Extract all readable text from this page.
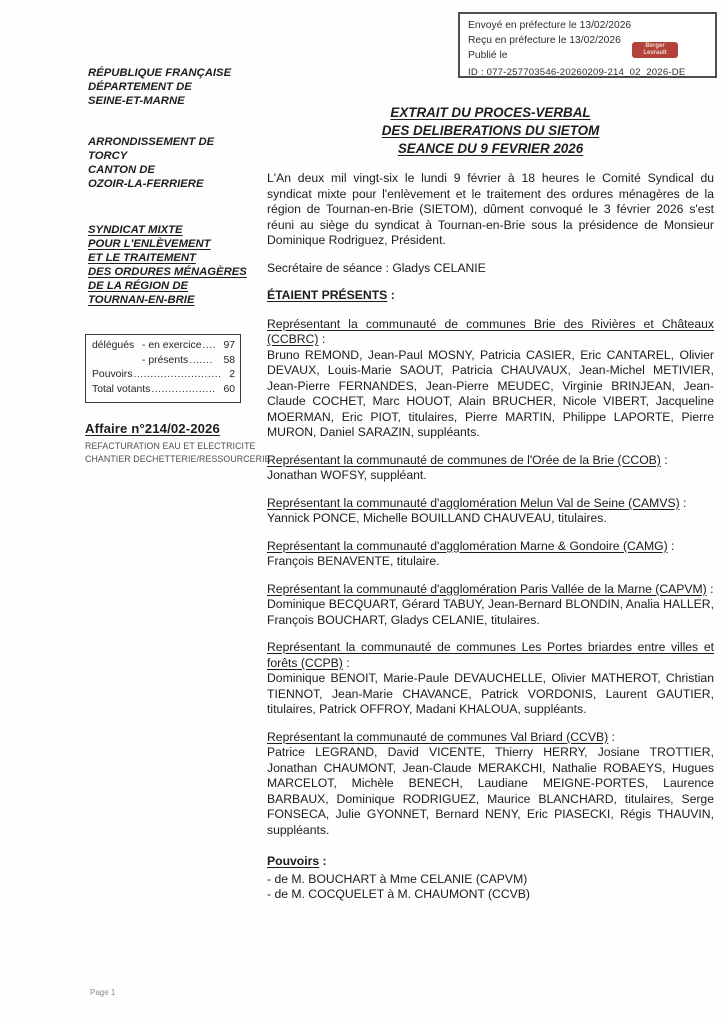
Envoyé en préfecture le 13/02/2026
Reçu en préfecture le 13/02/2026
Publié le
ID : 077-257703546-20260209-214_02_2026-DE
Berger
Levrault
RÉPUBLIQUE FRANÇAISE
DÉPARTEMENT DE
SEINE-ET-MARNE
ARRONDISSEMENT DE
TORCY
CANTON DE
OZOIR-LA-FERRIERE
SYNDICAT MIXTE
POUR L'ENLÈVEMENT
ET LE TRAITEMENT
DES ORDURES MÉNAGÈRES
DE LA RÉGION DE
TOURNAN-EN-BRIE
délégués - en exercice .... 97
- présents ....... 58
Pouvoirs .......................... 2
Total votants ................... 60
Affaire n°214/02-2026
REFACTURATION EAU ET ELECTRICITE
CHANTIER DECHETTERIE/RESSOURCERIE
EXTRAIT DU PROCES-VERBAL
DES DELIBERATIONS DU SIETOM
SEANCE DU 9 FEVRIER 2026

L'An deux mil vingt-six le lundi 9 février à 18 heures le Comité Syndical du syndicat mixte pour l'enlèvement et le traitement des ordures ménagères de la région de Tournan-en-Brie (SIETOM), dûment convoqué le 3 février 2026 s'est réuni au siège du syndicat à Tournan-en-Brie sous la présidence de Monsieur Dominique Rodriguez, Président.

Secrétaire de séance : Gladys CELANIE
ÉTAIENT PRÉSENTS :
Représentant la communauté de communes Brie des Rivières et Châteaux (CCBRC) :
Bruno REMOND, Jean-Paul MOSNY, Patricia CASIER, Eric CANTAREL, Olivier DEVAUX, Louis-Marie SAOUT, Patricia CHAUVAUX, Jean-Michel METIVIER, Jean-Pierre FERNANDES, Jean-Pierre MEUDEC, Virginie BRINJEAN, Jean-Claude COCHET, Marc HOUOT, Alain BRUCHER, Nicole VIBERT, Jacqueline MOERMAN, Eric PIOT, titulaires, Pierre MARTIN, Philippe LAPORTE, Pierre MURON, Daniel SARAZIN, suppléants.
Représentant la communauté de communes de l'Orée de la Brie (CCOB) :
Jonathan WOFSY, suppléant.
Représentant la communauté d'agglomération Melun Val de Seine (CAMVS) :
Yannick PONCE, Michelle BOUILLAND CHAUVEAU, titulaires.
Représentant la communauté d'agglomération Marne & Gondoire (CAMG) :
François BENAVENTE, titulaire.
Représentant la communauté d'agglomération Paris Vallée de la Marne (CAPVM) :
Dominique BECQUART, Gérard TABUY, Jean-Bernard BLONDIN, Analia HALLER, François BOUCHART, Gladys CELANIE, titulaires.
Représentant la communauté de communes Les Portes briardes entre villes et forêts (CCPB) :
Dominique BENOIT, Marie-Paule DEVAUCHELLE, Olivier MATHEROT, Christian TIENNOT, Jean-Marie CHAVANCE, Patrick VORDONIS, Laurent GAUTIER, titulaires, Patrick OFFROY, Madani KHALOUA, suppléants.
Représentant la communauté de communes Val Briard (CCVB) :
Patrice LEGRAND, David VICENTE, Thierry HERRY, Josiane TROTTIER, Jonathan CHAUMONT, Jean-Claude MERAKCHI, Nathalie ROBAEYS, Hugues MARCELOT, Michèle BENECH, Laudiane MEIGNE-PORTES, Laurence BARBAUX, Dominique RODRIGUEZ, Maurice BLANCHARD, titulaires, Serge FONSECA, Julie GYONNET, Bernard NENY, Eric PIASECKI, Régis THAUVIN, suppléants.
Pouvoirs :
- de M. BOUCHART à Mme CELANIE (CAPVM)
- de M. COCQUELET à M. CHAUMONT (CCVB)
Page 1
